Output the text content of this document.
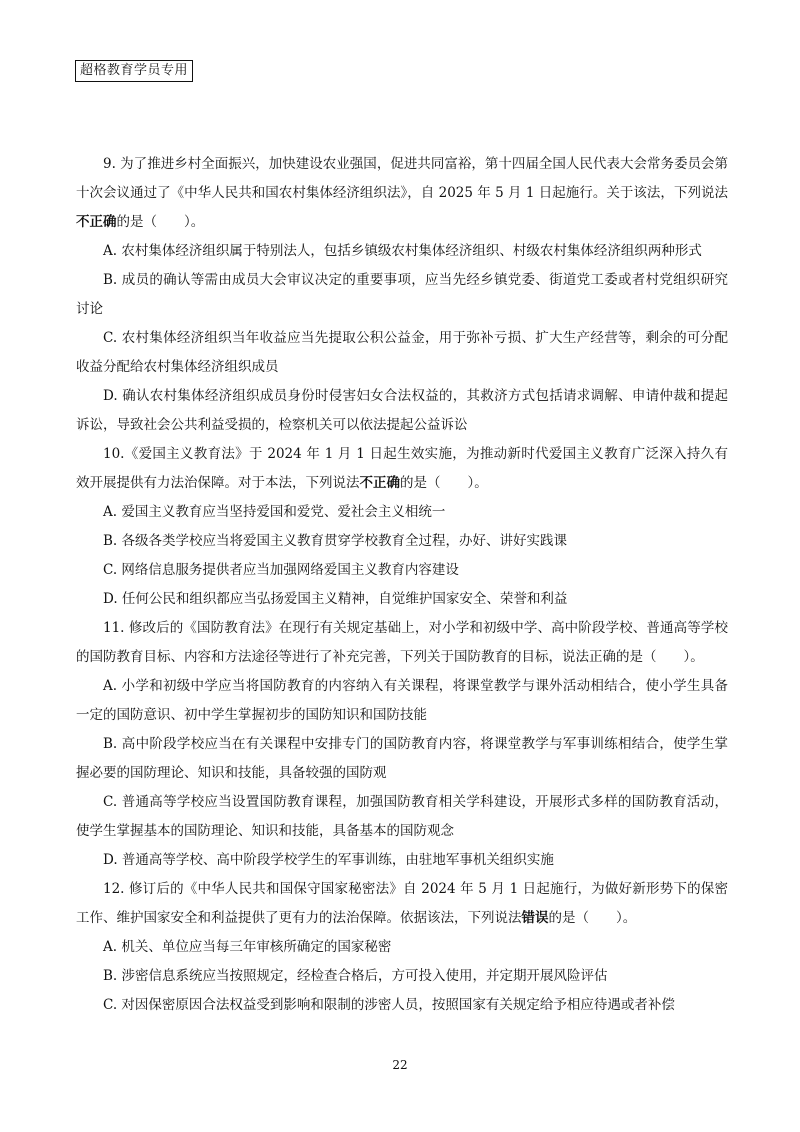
超格教育学员专用

9. 为了推进乡村全面振兴，加快建设农业强国，促进共同富裕，第十四届全国人民代表大会常务委员会第十次会议通过了《中华人民共和国农村集体经济组织法》，自 2025 年 5 月 1 日起施行。关于该法，下列说法不正确的是（　　）。

A. 农村集体经济组织属于特别法人，包括乡镇级农村集体经济组织、村级农村集体经济组织两种形式

B. 成员的确认等需由成员大会审议决定的重要事项，应当先经乡镇党委、街道党工委或者村党组织研究讨论

C. 农村集体经济组织当年收益应当先提取公积公益金，用于弥补亏损、扩大生产经营等，剩余的可分配收益分配给农村集体经济组织成员

D. 确认农村集体经济组织成员身份时侵害妇女合法权益的，其救济方式包括请求调解、申请仲裁和提起诉讼，导致社会公共利益受损的，检察机关可以依法提起公益诉讼

10.《爱国主义教育法》于 2024 年 1 月 1 日起生效实施，为推动新时代爱国主义教育广泛深入持久有效开展提供有力法治保障。对于本法，下列说法不正确的是（　　）。

A. 爱国主义教育应当坚持爱国和爱党、爱社会主义相统一

B. 各级各类学校应当将爱国主义教育贯穿学校教育全过程，办好、讲好实践课

C. 网络信息服务提供者应当加强网络爱国主义教育内容建设

D. 任何公民和组织都应当弘扬爱国主义精神，自觉维护国家安全、荣誉和利益

11. 修改后的《国防教育法》在现行有关规定基础上，对小学和初级中学、高中阶段学校、普通高等学校的国防教育目标、内容和方法途径等进行了补充完善，下列关于国防教育的目标，说法正确的是（　　）。

A. 小学和初级中学应当将国防教育的内容纳入有关课程，将课堂教学与课外活动相结合，使小学生具备一定的国防意识、初中学生掌握初步的国防知识和国防技能

B. 高中阶段学校应当在有关课程中安排专门的国防教育内容，将课堂教学与军事训练相结合，使学生掌握必要的国防理论、知识和技能，具备较强的国防观

C. 普通高等学校应当设置国防教育课程，加强国防教育相关学科建设，开展形式多样的国防教育活动，使学生掌握基本的国防理论、知识和技能，具备基本的国防观念

D. 普通高等学校、高中阶段学校学生的军事训练，由驻地军事机关组织实施

12. 修订后的《中华人民共和国保守国家秘密法》自 2024 年 5 月 1 日起施行，为做好新形势下的保密工作、维护国家安全和利益提供了更有力的法治保障。依据该法，下列说法错误的是（　　）。

A. 机关、单位应当每三年审核所确定的国家秘密

B. 涉密信息系统应当按照规定，经检查合格后，方可投入使用，并定期开展风险评估

C. 对因保密原因合法权益受到影响和限制的涉密人员，按照国家有关规定给予相应待遇或者补偿

22
